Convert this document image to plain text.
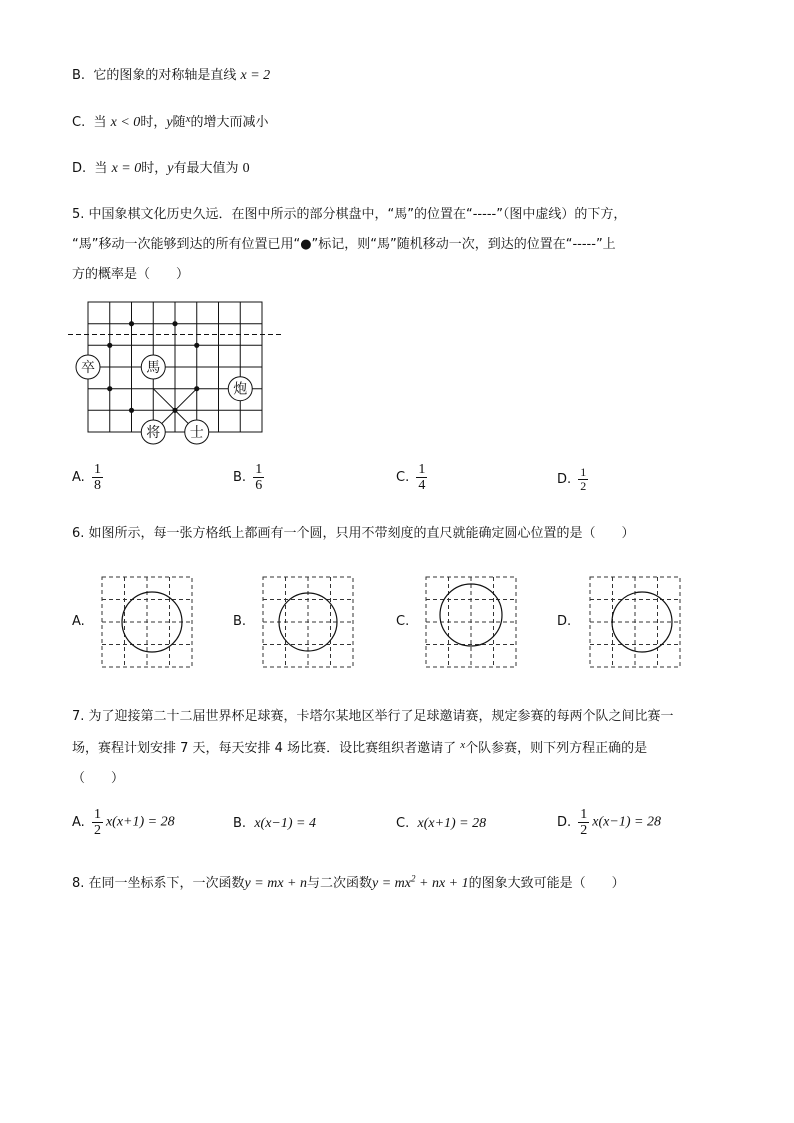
B. 它的图象的对称轴是直线 x = 2
C. 当 x < 0时，y随$^x$的增大而减小
D. 当 x = 0时，y有最大值为 0
5. 中国象棋文化历史久远．在图中所示的部分棋盘中，“馬”的位置在“-----”（图中虚线）的下方，
“馬”移动一次能够到达的所有位置已用“●”标记，则“馬”随机移动一次，到达的位置在“-----”上
方的概率是（　　）
卒	馬
炮
将 士
A. $\frac{1}{8}$	B. $\frac{1}{6}$	C. $\frac{1}{4}$	D. $\frac{1}{2}$
6. 如图所示，每一张方格纸上都画有一个圆，只用不带刻度的直尺就能确定圆心位置的是（　　）
A.	B.	C.	D.
7. 为了迎接第二十二届世界杯足球赛，卡塔尔某地区举行了足球邀请赛，规定参赛的每两个队之间比赛一
场，赛程计划安排 7 天，每天安排 4 场比赛．设比赛组织者邀请了 $^x$个队参赛，则下列方程正确的是
（　　）
A. $\frac{1}{2} x(x+1) = 28$	B. x(x−1) = 4	C. x(x+1) = 28	D. $\frac{1}{2} x(x-1) = 28$
8. 在同一坐标系下，一次函数y = mx + n与二次函数$y = mx^2$ + nx + 1的图象大致可能是（　　）
